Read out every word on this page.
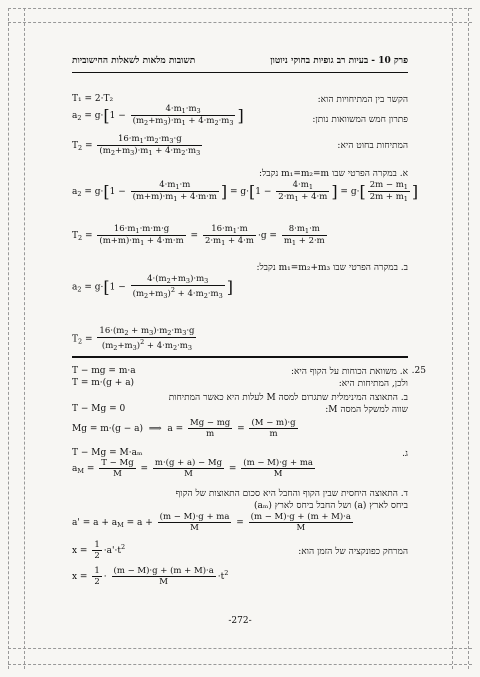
פרק 10 - בעיות רב גופיות בחוקי ניוטון
תשובות מלאות לשאלות החישוביות
T₁ = 2·T₂	הקשר בין המתיחויות הוא:
$a_2 = g\cdot[1 - \frac{4\cdot m_1\cdot m_3}{(m_2+m_3)\cdot m_1 + 4\cdot m_2\cdot m_3}$ ]	פתרון חמש המשוואות נותן:
$T_2 = \frac{16\cdot m_1\cdot m_2\cdot m_3\cdot g}{(m_2+m_3)\cdot m_1 + 4\cdot m_2\cdot m_3}$	המתיחות בחוט היא:
א. במקרה הפרטי שבו m₁=m₂=m נקבל:
$a_2 = g\cdot[1 - \frac{4\cdot m_1\cdot m}{(m+m)\cdot m_1 + 4\cdot m\cdot m}$ ] = $g\cdot[1 - \frac{4\cdot m_1}{2\cdot m_1 + 4\cdot m}$ ] = $g\cdot[ \frac{2m - m_1}{2m + m_1}$ ]
$T_2 = \frac{16\cdot m_1\cdot m\cdot m\cdot g}{(m+m)\cdot m_1 + 4\cdot m\cdot m} = \frac{16\cdot m_1\cdot m}{2\cdot m_1 + 4\cdot m} \cdot g = \frac{8\cdot m_1\cdot m}{m_1 + 2\cdot m}$
ב. במקרה הפרטי שבו m₁=m₂+m₃ נקבל:
$a_2 = g\cdot[1 - \frac{4\cdot(m_2+m_3)\cdot m_3}{(m_2+m_3)^2 + 4\cdot m_2\cdot m_3}$ ]
$T_2 = \frac{16\cdot(m_2 + m_3)\cdot m_2\cdot m_3\cdot g}{(m_2+m_3)^2 + 4\cdot m_2\cdot m_3}$
.25
T − mg = m·a	א. משוואת הכוחות על הקוף היא:
T = m·(g + a)	ולכן, המתיחות היא:
ב. התאוצה המינימלית שתגרום למסה M לעלות היא כאשר המתיחות
T − Mg = 0	שווה למשקל המסה M:
Mg = m·(g − a)  ⟹  $a = \frac{Mg - mg}{m} = \frac{(M - m)\cdot g}{m}$
ג.
T − Mg = M·aₘ
$a_M = \frac{T - Mg}{M} = \frac{m\cdot(g + a) - Mg}{M} = \frac{(m - M)\cdot g + ma}{M}$
ד. התאוצה היחסית שבין הקוף והחבל היא סכום התאוצות של הקוף
ביחס לארץ (a) ושל החבל ביחס לארץ (aₘ)
$a' = a + a_M = a + \frac{(m - M)\cdot g + ma}{M} = \frac{(m - M)\cdot g + (m + M)\cdot a}{M}$
$x = \frac{1}{2} \cdot a'\cdot t^2$	המרחק כפונקציה של הזמן הוא:
$x = \frac{1}{2} \cdot \frac{(m - M)\cdot g + (m + M)\cdot a}{M} \cdot t^2$
-272-
